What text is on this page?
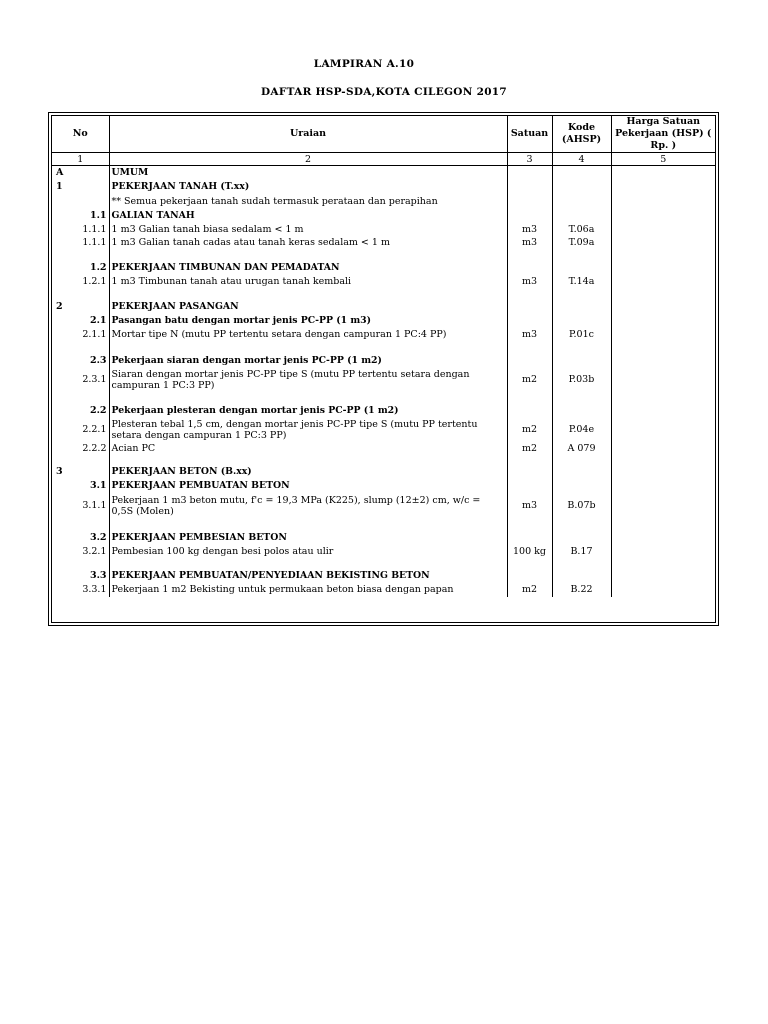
LAMPIRAN A.10
DAFTAR HSP-SDA,KOTA CILEGON 2017
No	Uraian	Satuan	Kode (AHSP)	Harga Satuan Pekerjaan (HSP) ( Rp. )
1	2	3	4	5
A	UMUM			
1	PEKERJAAN TANAH (T.xx)			
	** Semua pekerjaan tanah sudah termasuk perataan dan perapihan			
1.1	GALIAN TANAH			
1.1.1	1 m3 Galian tanah biasa sedalam < 1 m	m3	T.06a	
1.1.1	1 m3 Galian tanah cadas atau tanah keras sedalam < 1 m	m3	T.09a	

1.2	PEKERJAAN TIMBUNAN DAN PEMADATAN			
1.2.1	1 m3 Timbunan tanah atau urugan tanah kembali	m3	T.14a	

2	PEKERJAAN PASANGAN			
2.1	Pasangan batu dengan mortar jenis PC-PP (1 m3)			
2.1.1	Mortar tipe N (mutu PP tertentu setara dengan campuran 1 PC:4 PP)	m3	P.01c	

2.3	Pekerjaan siaran dengan mortar jenis PC-PP (1 m2)			
2.3.1	Siaran dengan mortar jenis PC-PP tipe S (mutu PP tertentu setara dengan campuran 1 PC:3 PP)	m2	P.03b	

2.2	Pekerjaan plesteran dengan mortar jenis PC-PP (1 m2)			
2.2.1	Plesteran tebal 1,5 cm, dengan mortar jenis PC-PP tipe S (mutu PP tertentu setara dengan campuran 1 PC:3 PP)	m2	P.04e	
2.2.2	Acian PC	m2	A 079	

3	PEKERJAAN BETON (B.xx)			
3.1	PEKERJAAN PEMBUATAN BETON			
3.1.1	Pekerjaan 1 m3 beton mutu, f'c = 19,3 MPa (K225), slump (12±2) cm, w/c = 0,5S (Molen)	m3	B.07b	

3.2	PEKERJAAN PEMBESIAN BETON			
3.2.1	Pembesian 100 kg dengan besi polos atau ulir	100 kg	B.17	

3.3	PEKERJAAN PEMBUATAN/PENYEDIAAN BEKISTING BETON			
3.3.1	Pekerjaan 1 m2 Bekisting untuk permukaan beton biasa dengan papan	m2	B.22	
